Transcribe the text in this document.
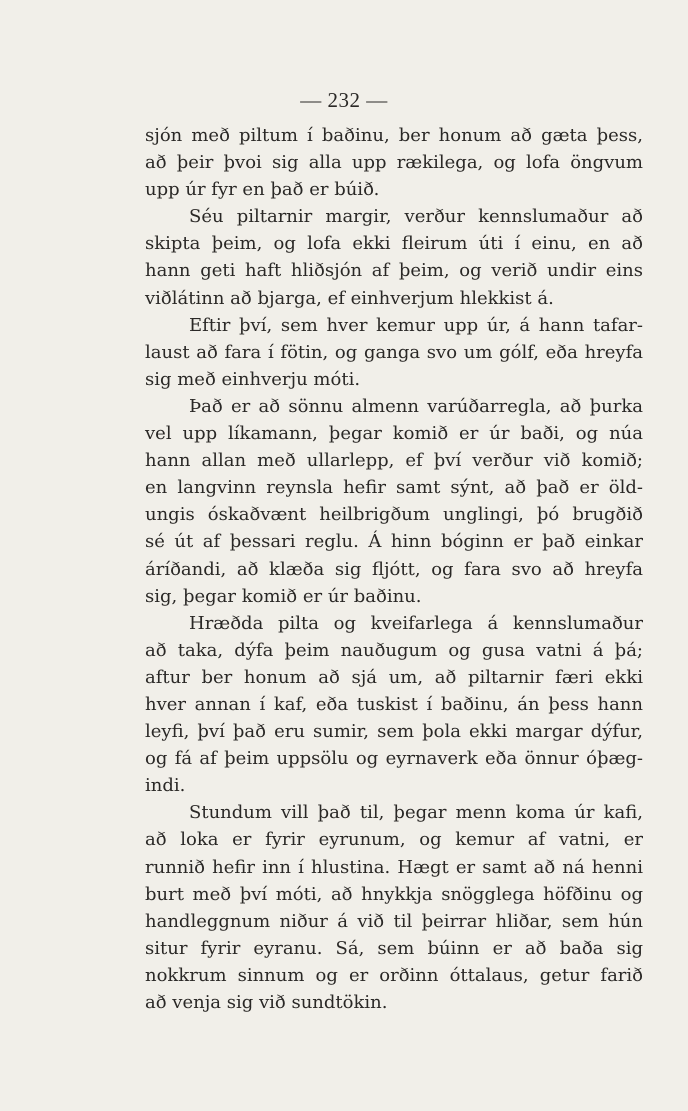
— 232 —
sjón með piltum í baðinu, ber honum að gæta þess,
að þeir þvoi sig alla upp rækilega, og lofa öngvum
upp úr fyr en það er búið.
Séu piltarnir margir, verður kennslumaður að
skipta þeim, og lofa ekki fleirum úti í einu, en að
hann geti haft hliðsjón af þeim, og verið undir eins
viðlátinn að bjarga, ef einhverjum hlekkist á.
Eftir því, sem hver kemur upp úr, á hann tafar-
laust að fara í fötin, og ganga svo um gólf, eða hreyfa
sig með einhverju móti.
Það er að sönnu almenn varúðarregla, að þurka
vel upp líkamann, þegar komið er úr baði, og núa
hann allan með ullarlepp, ef því verður við komið;
en langvinn reynsla hefir samt sýnt, að það er öld-
ungis óskaðvænt heilbrigðum unglingi, þó brugðið
sé út af þessari reglu. Á hinn bóginn er það einkar
áríðandi, að klæða sig fljótt, og fara svo að hreyfa
sig, þegar komið er úr baðinu.
Hræðda pilta og kveifarlega á kennslumaður
að taka, dýfa þeim nauðugum og gusa vatni á þá;
aftur ber honum að sjá um, að piltarnir færi ekki
hver annan í kaf, eða tuskist í baðinu, án þess hann
leyfi, því það eru sumir, sem þola ekki margar dýfur,
og fá af þeim uppsölu og eyrnaverk eða önnur óþæg-
indi.
Stundum vill það til, þegar menn koma úr kafi,
að loka er fyrir eyrunum, og kemur af vatni, er
runnið hefir inn í hlustina. Hægt er samt að ná henni
burt með því móti, að hnykkja snögglega höfðinu og
handleggnum niður á við til þeirrar hliðar, sem hún
situr fyrir eyranu. Sá, sem búinn er að baða sig
nokkrum sinnum og er orðinn óttalaus, getur farið
að venja sig við sundtökin.
